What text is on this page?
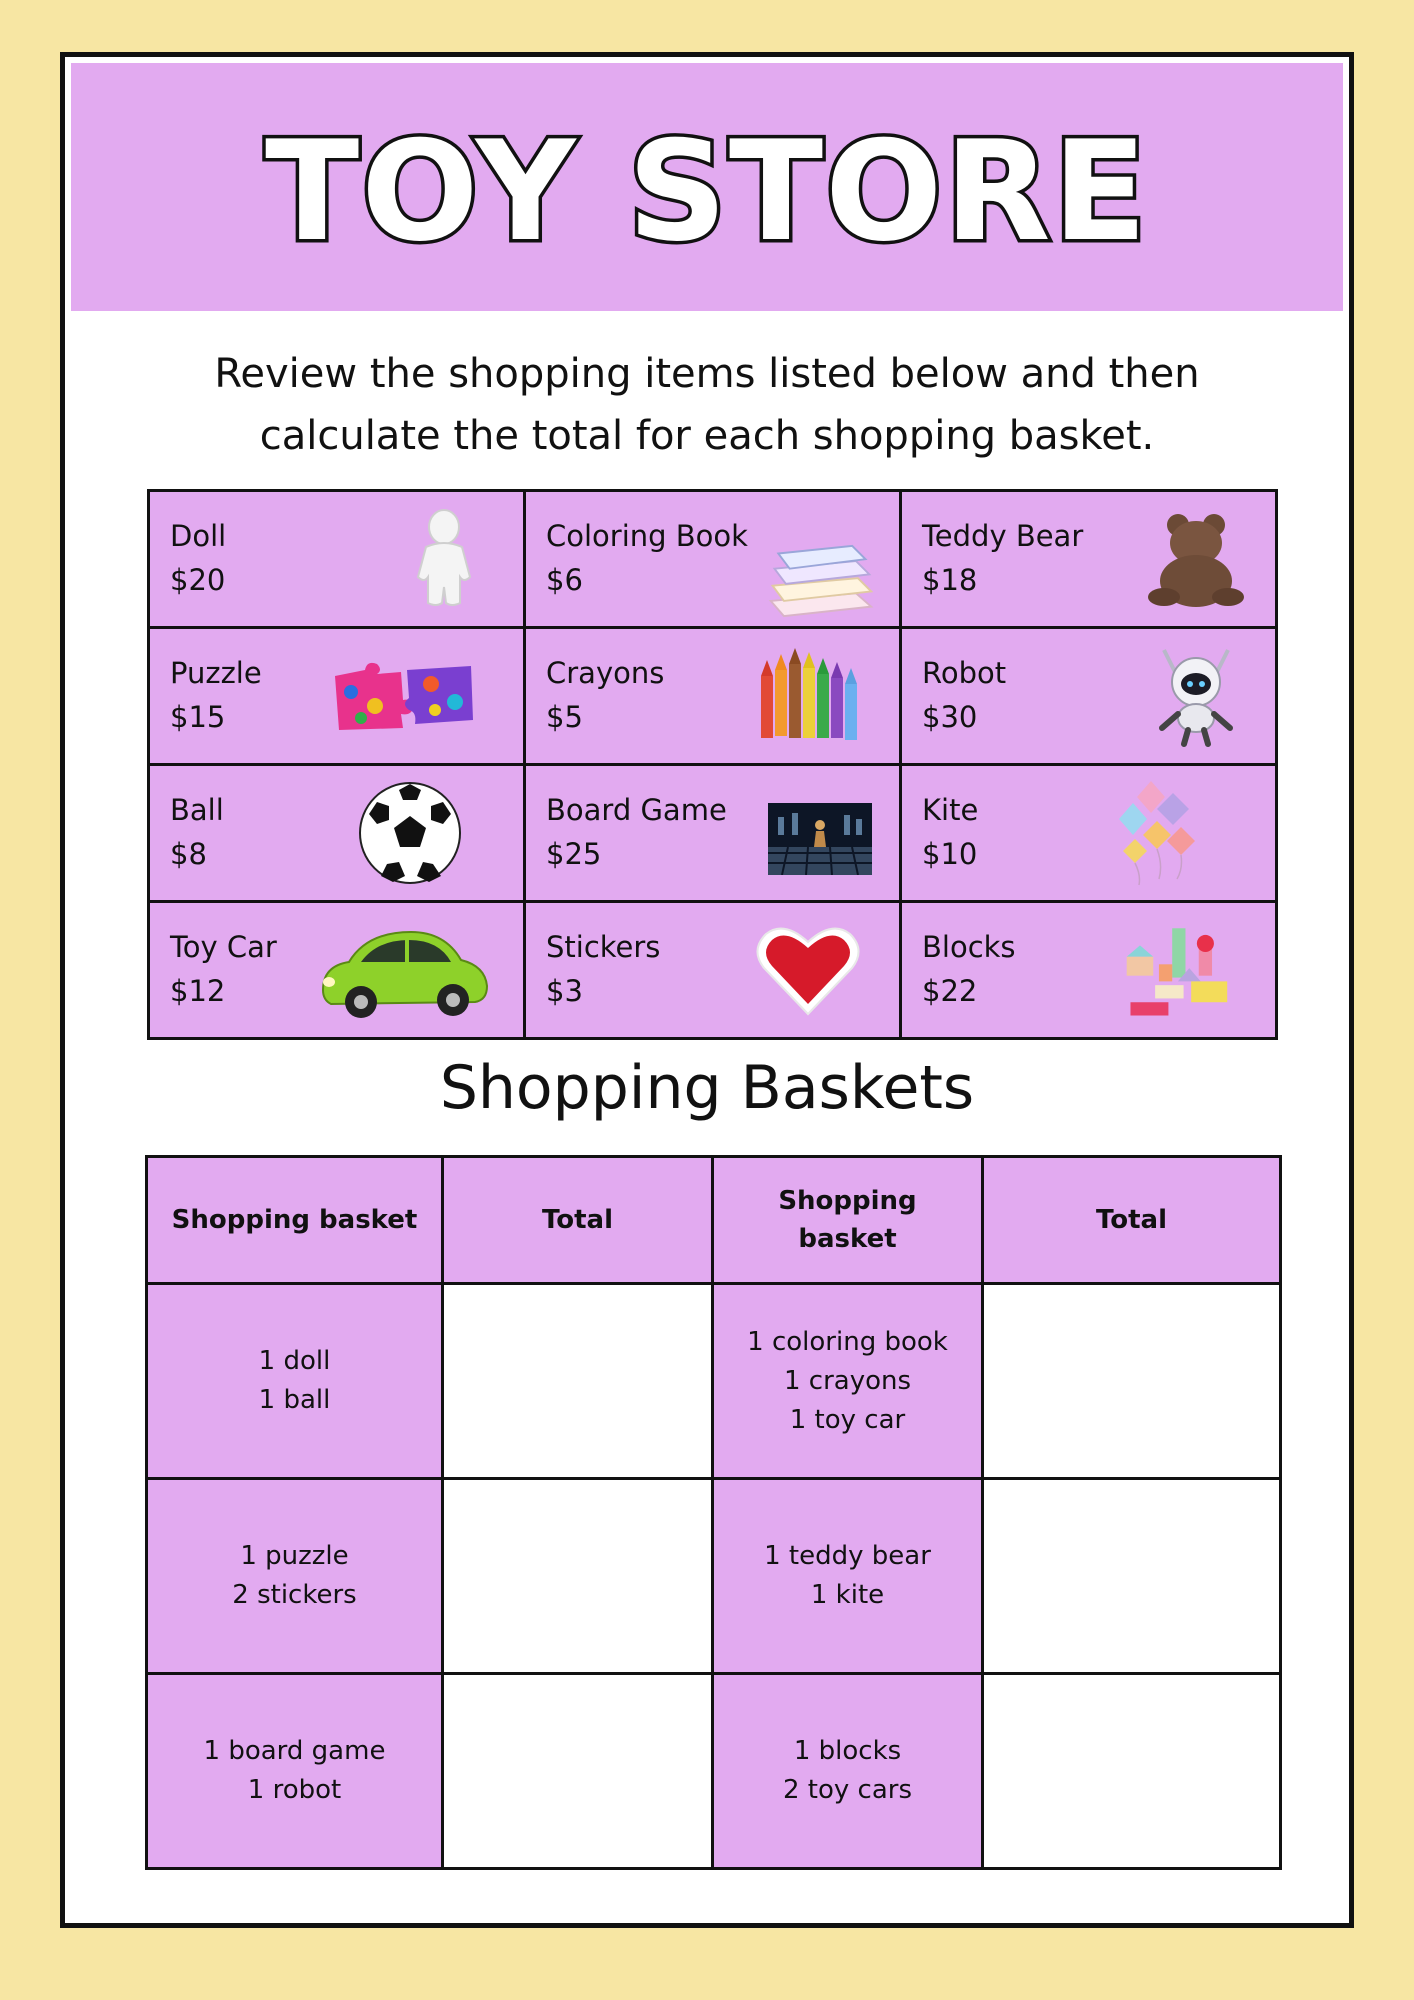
TOY STORE
Review the shopping items listed below and then
calculate the total for each shopping basket.
Doll
$20	Coloring Book
$6	Teddy Bear
$18

Puzzle
$15	Crayons
$5	Robot
$30

Ball
$8	Board Game
$25	Kite
$10

Toy Car
$12	Stickers
$3	Blocks
$22
Shopping Baskets
Shopping basket	Total	Shopping basket	Total

1 doll
1 ball		1 coloring book
1 crayons
1 toy car	

1 puzzle
2 stickers		1 teddy bear
1 kite	

1 board game
1 robot		1 blocks
2 toy cars	
